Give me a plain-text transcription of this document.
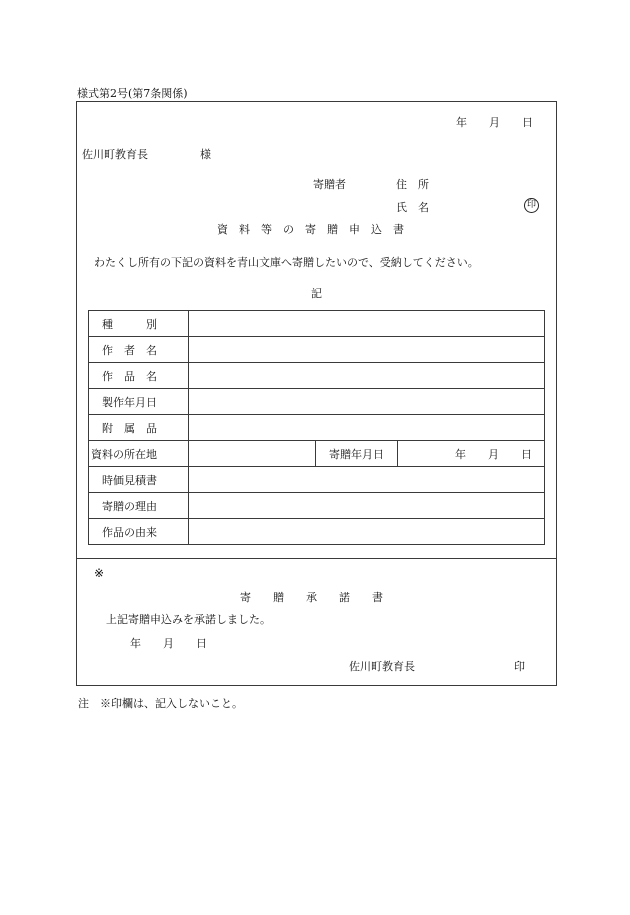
様式第2号(第7条関係)
年　　月　　日
佐川町教育長	様
寄贈者	住　所
氏　名	印
資　料　等　の　寄　贈　申　込　書
わたくし所有の下記の資料を青山文庫へ寄贈したいので、受納してください。
記
種　　　別			
作　者　名			
作　品　名			
製作年月日			
附　属　品			
資料の所在地		寄贈年月日	年　　月　　日
時価見積書			
寄贈の理由			
作品の由来			
※
寄　　贈　　承　　諾　　書
上記寄贈申込みを承諾しました。
年　　月　　日
佐川町教育長	印
注　※印欄は、記入しないこと。
